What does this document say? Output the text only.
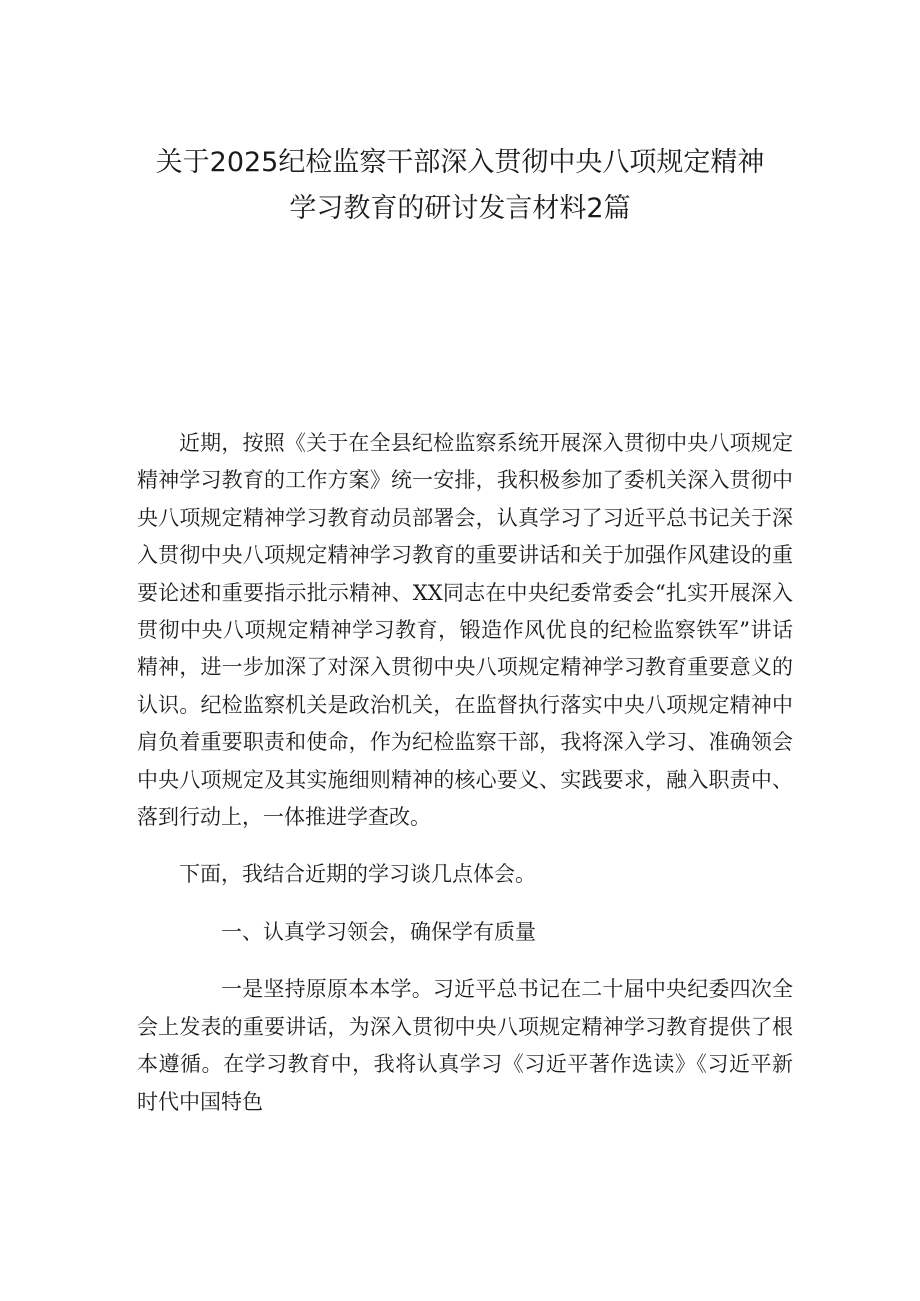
关于2025纪检监察干部深入贯彻中央八项规定精神
学习教育的研讨发言材料2篇

近期，按照《关于在全县纪检监察系统开展深入贯彻中央八项规定精神学习教育的工作方案》统一安排，我积极参加了委机关深入贯彻中央八项规定精神学习教育动员部署会，认真学习了习近平总书记关于深入贯彻中央八项规定精神学习教育的重要讲话和关于加强作风建设的重要论述和重要指示批示精神、XX同志在中央纪委常委会“扎实开展深入贯彻中央八项规定精神学习教育，锻造作风优良的纪检监察铁军”讲话精神，进一步加深了对深入贯彻中央八项规定精神学习教育重要意义的认识。纪检监察机关是政治机关，在监督执行落实中央八项规定精神中肩负着重要职责和使命，作为纪检监察干部，我将深入学习、准确领会中央八项规定及其实施细则精神的核心要义、实践要求，融入职责中、落到行动上，一体推进学查改。

下面，我结合近期的学习谈几点体会。

一、认真学习领会，确保学有质量

一是坚持原原本本学。习近平总书记在二十届中央纪委四次全会上发表的重要讲话，为深入贯彻中央八项规定精神学习教育提供了根本遵循。在学习教育中，我将认真学习《习近平著作选读》《习近平新时代中国特色
